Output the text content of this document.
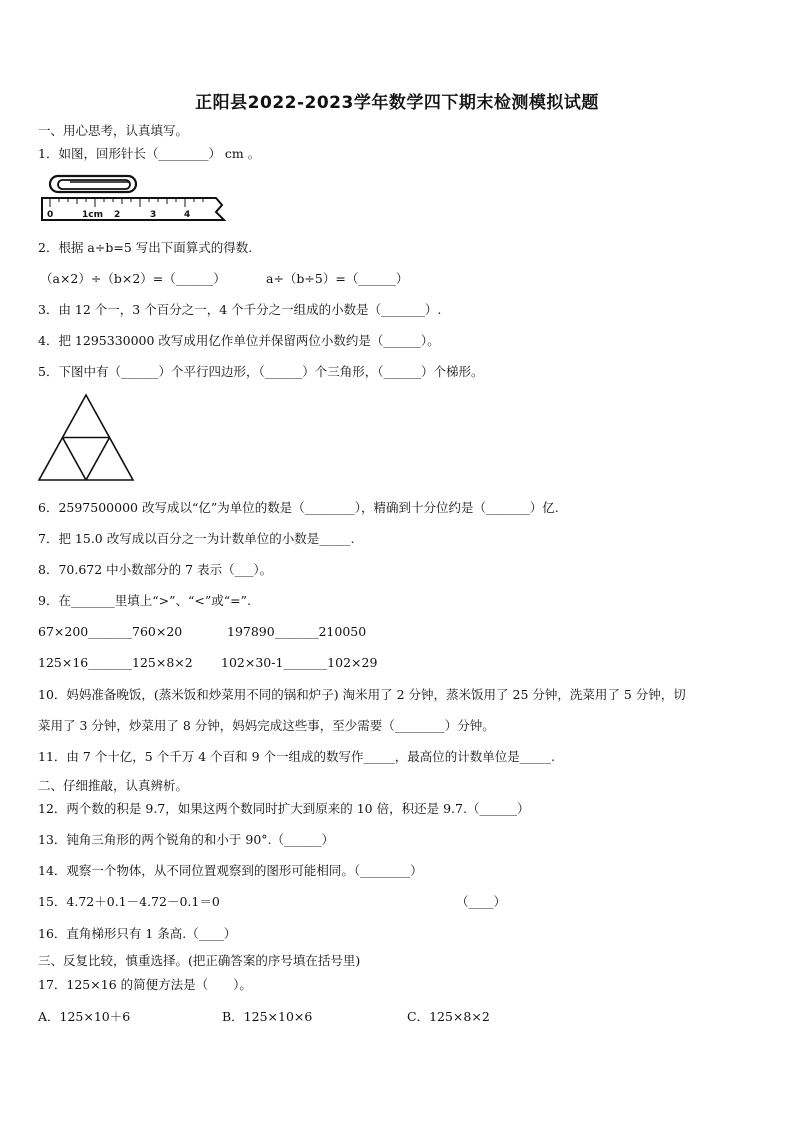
正阳县2022-2023学年数学四下期末检测模拟试题
一、用心思考，认真填写。
1．如图，回形针长（________） cm 。
0	1cm 2	3	4
2．根据 a÷b=5 写出下面算式的得数.
（a×2）÷（b×2）=（______）	a÷（b÷5）=（______）
3．由 12 个一，3 个百分之一，4 个千分之一组成的小数是（_______）.
4．把 1295330000 改写成用亿作单位并保留两位小数约是（______）。
5．下图中有（______）个平行四边形，（______）个三角形，（______）个梯形。
6．2597500000 改写成以“亿”为单位的数是（________），精确到十分位约是（_______）亿.
7．把 15.0 改写成以百分之一为计数单位的小数是_____.
8．70.672 中小数部分的 7 表示（___）。
9．在_______里填上“>”、“<”或“=”.
67×200_______760×20	197890_______210050
125×16_______125×8×2 102×30-1_______102×29
10．妈妈准备晚饭，(蒸米饭和炒菜用不同的锅和炉子) 淘米用了 2 分钟，蒸米饭用了 25 分钟，洗菜用了 5 分钟，切
菜用了 3 分钟，炒菜用了 8 分钟，妈妈完成这些事，至少需要（________）分钟。
11．由 7 个十亿，5 个千万 4 个百和 9 个一组成的数写作_____，最高位的计数单位是_____.
二、仔细推敲，认真辨析。
12．两个数的积是 9.7，如果这两个数同时扩大到原来的 10 倍，积还是 9.7.（______）
13．钝角三角形的两个锐角的和小于 90°.（______）
14．观察一个物体，从不同位置观察到的图形可能相同。（________）
15．4.72＋0.1－4.72－0.1＝0	（____）
16．直角梯形只有 1 条高.（____）
三、反复比较，慎重选择。(把正确答案的序号填在括号里)
17．125×16 的简便方法是（　　）。
A．125×10＋6	B．125×10×6	C．125×8×2
